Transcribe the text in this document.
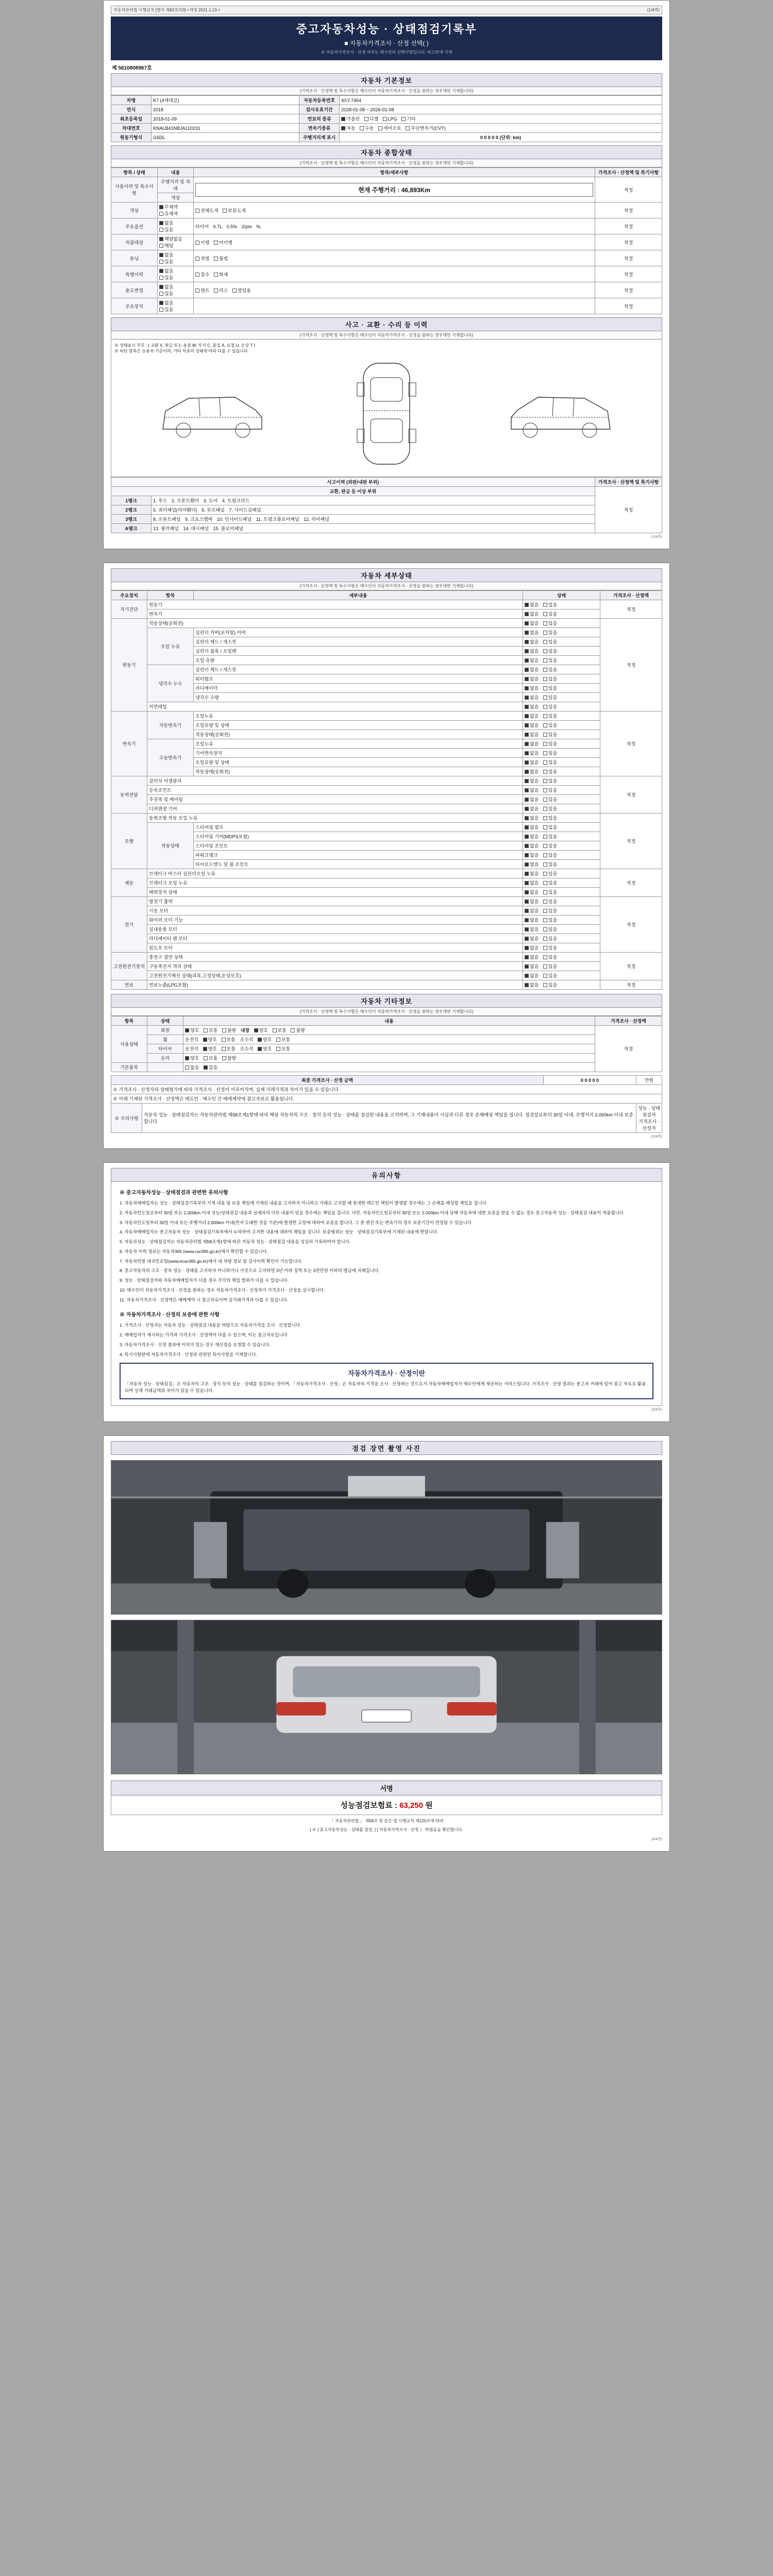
자동차관리법 시행규칙 [별지 제82호의3] <개정 2021.1.13.>	(1/4쪽)
중고자동차성능 · 상태점검기록부
■ 자동차가격조사 · 산정 선택( )
※ 자동차가격조사 · 산정 여부는 매수인의 선택사항입니다. 비고란에 기재
제 5610808967호
자동차 기본정보
(가격조사 · 산정액 및 특수사항은 매수인이 자동차가격조사 · 산정을 원하는 경우에만 기재합니다)
차명	K7 (4세대급)	자동차등록번호	40오7454
연식	2018	검사유효기간	2028-01-08 ~ 2026-01-08
최초등록일	2018-01-09	연료의 종류	가솔린 디젤 LPG 기타
차대번호	KNALB41NBJA110231	변속기종류	자동 수동 세미오토 무단변속기(CVT)
원동기형식	G6DL	주행거리계 표시	0 0 0 0 0 (단위: km)
자동차 종합상태
(가격조사 · 산정액 및 특수사항은 매수인이 자동차가격조사 · 산정을 원하는 경우에만 기재합니다)
항목 / 상태	내용	항목/세부사항	가격조사 · 산정액 및 특기사항
사용이력 및 특수사항	주행거리 및 차대	현재 주행거리 : 46,893Km	적정
	색상		
색상	무채색 유채색	전체도색 부분도색	적정
주요옵션	없음 있음	타이어 0.7L 0.5% 2/pm %	적정
리콜대상	해당없음 해당	이행 미이행	적정
튜닝	없음 있음	적법 불법	적정
특별이력	없음 있음	침수 화재	적정
용도변경	없음 있음	렌트 리스 영업용	적정
주요장치	없음 있음		적정
사고 · 교환 · 수리 등 이력
(가격조사 · 산정액 및 특수사항은 매수인이 자동차가격조사 · 산정을 원하는 경우에만 기재합니다)
※ 상태표시 부호 : ( 교환 X, 판금 또는 용접 W, 부식 C, 흠집 A, 요철 U, 손상 T )
※ 하단 항목은 승용차 기준이며, 기타 차종의 상태에 따라 다를 수 있습니다
사고이력 (외판/내판 부위)		가격조사 · 산정액 및 특기사항
교환, 판금 등 이상 부위		적정
1랭크	1. 후드 2. 프론트휀더 3. 도어 4. 트렁크리드	
2랭크	5. 쿼터패널(리어휀더) 6. 루프패널 7. 사이드실패널	
3랭크	8. 프론트패널 9. 크로스멤버 10. 인사이드패널 11. 트렁크플로어패널 12. 리어패널	
A랭크	13. 필러패널 14. 대시패널 15. 플로어패널	
(1/4쪽)
자동차 세부상태
(가격조사 · 산정액 및 특수사항은 매수인이 자동차가격조사 · 산정을 원하는 경우에만 기재합니다)
주요장치	항목	세부내용	상태	가격조사 · 산정액
자기진단	원동기		없음 있음	적정
	변속기		없음 있음	
원동기	작동상태(공회전)		없음 있음	적정
	오일 누유	실린더 커버(로커암) 커버	없음 있음	
		실린더 헤드 / 개스킷	없음 있음	
		실린더 블록 / 오일팬	없음 있음	
		오일 유량	없음 있음	
	냉각수 누수	실린더 헤드 / 개스킷	없음 있음	
		워터펌프	없음 있음	
		라디에이터	없음 있음	
		냉각수 수량	없음 있음	
	커먼레일		없음 있음	
변속기	자동변속기	오일누유	없음 있음	적정
		오일유량 및 상태	없음 있음	
		작동상태(공회전)	없음 있음	
	수동변속기	오일누유	없음 있음	
		기어변속장치	없음 있음	
		오일유량 및 상태	없음 있음	
		작동상태(공회전)	없음 있음	
동력전달	클러치 어셈블리		없음 있음	적정
	등속조인트		없음 있음	
	추진축 및 베어링		없음 있음	
	디퍼렌셜 기어		없음 있음	
조향	동력조향 작동 오일 누유		없음 있음	적정
	작동상태	스티어링 펌프	없음 있음	
		스티어링 기어(MDPS포함)	없음 있음	
		스티어링 조인트	없음 있음	
		파워크랭크	없음 있음	
		타이로드엔드 및 볼 조인트	없음 있음	
제동	브레이크 마스터 실린더오일 누유		없음 있음	적정
	브레이크 오일 누유		없음 있음	
	배력장치 상태		없음 있음	
전기	발전기 출력		없음 있음	적정
	시동 모터		없음 있음	
	와이퍼 모터 기능		없음 있음	
	실내송풍 모터		없음 있음	
	라디에이터 팬 모터		없음 있음	
	윈도우 모터		없음 있음	
고전원전기장치	충전구 절연 상태		없음 있음	적정
	구동축전지 격리 상태		없음 있음	
	고전원전기배선 상태(피복,고정상태,손상보호)		없음 있음	
연료	연료누출(LPG포함)		없음 있음	적정
자동차 기타정보
(가격조사 · 산정액 및 특수사항은 매수인이 자동차가격조사 · 산정을 원하는 경우에만 기재합니다)
항목	상태	내용	가격조사 · 산정액
사용상태	외장	양호 보통 불량 내장 양호 보통 불량	적정
	휠	운전석 양호 보통 조수석 양호 보통	
	타이어	운전석 양호 보통 조수석 양호 보통	
	유리	양호 보통 불량	
기본품목		없음 있음	
최종 가격조사 · 산정 금액		0 0 0 0 0	만원
※ 가격조사 · 산정자의 상태평가에 따라 가격조사 · 산정이 이루어지며, 실제 거래가격과 차이가 있을 수 있습니다.			
※ 아래 기재된 가격조사 · 산정액은 매도인 · 매수인 간 매매계약에 참고자료로 활용됩니다.			
※ 주의사항	자동차 성능 · 상태점검자는 자동차관리법 제58조제1항에 따라 해당 자동차의 구조 · 장치 등의 성능 · 상태를 점검한 내용을 고지하며, 그 기재내용이 사실과 다른 경우 손해배상 책임을 집니다. 점검일로부터 30일 이내, 주행거리 2,000km 이내 보증합니다.		성능 · 상태점검자
가격조사 · 산정자
(2/4쪽)
유의사항
※ 중고자동차성능 · 상태점검과 관련한 유의사항

1. 자동차매매업자는 성능 · 상태점검기록부의 기재 내용 및 보증 책임에 기재된 내용을 고지하지 아니하고 거래로 고지할 때 중대한 매도인 책임이 발생할 경우에는 그 손해를 배상할 책임을 집니다.

2. 자동차인도일로부터 30일 또는 2,000km 이내 성능/상태점검 내용과 실제차의 다른 내용이 있을 경우에는 책임을 집니다. 다만, 자동차인도일로부터 30일 또는 2,000km 이내 당해 자동차에 대한 보증을 받을 수 없는 경우 중고자동차 성능 · 상태점검 내용이 적용됩니다.

3. 자동차인도일부터 30일 이내 또는 주행거리 2,000km 이내(먼저 도래한 것을 기준)에 발생한 고장에 대하여 보증을 합니다. 그 중 엔진 또는 변속기의 경우 보증기간이 연장될 수 있습니다.

4. 자동차매매업자는 중고자동차 성능 · 상태점검기록부에서 누락하여 고지한 내용에 대하여 책임을 집니다. 보증범위는 성능 · 상태점검기록부에 기재된 내용에 한합니다.

5. 자동차성능 · 상태점검자는 자동차관리법 제58조제1항에 따른 자동차 성능 · 상태점검 내용을 성실히 기록하여야 합니다.

6. 자동차 이력 정보는 자동차365 (www.car365.go.kr)에서 확인할 수 있습니다.

7. 자동차민원 대국민포털(www.ecar365.go.kr)에서 내 차량 정보 및 검사이력 확인이 가능합니다.

8. 중고자동차의 구조 · 장치 성능 · 상태를 고지하지 아니하거나 거짓으로 고지하면 3년 이하 징역 또는 3천만원 이하의 벌금에 처해집니다.

9. 성능 · 상태점검자와 자동차매매업자가 다를 경우 각각의 책임 범위가 다를 수 있습니다.

10. 매수인이 자동차가격조사 · 산정을 원하는 경우 자동차가격조사 · 산정자가 가격조사 · 산정을 실시합니다.

11. 자동차가격조사 · 산정액은 매매계약 시 참고자료이며 실거래가격과 다를 수 있습니다.

※ 자동차가격조사 · 산정의 보증에 관한 사항

1. 가격조사 · 산정자는 자동차 성능 · 상태점검 내용을 바탕으로 자동차가격을 조사 · 산정합니다.

2. 매매업자가 제시하는 가격과 가격조사 · 산정액이 다를 수 있으며, 이는 참고자료입니다.

3. 자동차가격조사 · 산정 결과에 이의가 있는 경우 재산정을 요청할 수 있습니다.

4. 특기사항란에 자동차가격조사 · 산정과 관련된 특이사항을 기재합니다.

자동차가격조사 · 산정이란

「자동차 성능 · 상태점검」은 자동차의 구조 · 장치 등의 성능 · 상태를 점검하는 것이며, 「자동차가격조사 · 산정」은 자동차의 가격을 조사 · 산정하는 것으로서 자동차매매업자가 매수인에게 제공하는 서비스입니다. 가격조사 · 산정 결과는 중고차 거래에 있어 참고 자료로 활용되며 실제 거래금액과 차이가 있을 수 있습니다.

(3/4쪽)
점검 장면 촬영 사진
서명
성능점검보험료 : 63,250 원
「 자동차관리법 」 제58조 및 같은 법 시행규칙 제120조에 따라
[ ※ ] 중고자동차성능 · 상태를 점검, [ ] 자동차가격조사 · 산정 》 하였음을 확인합니다.
(4/4쪽)
